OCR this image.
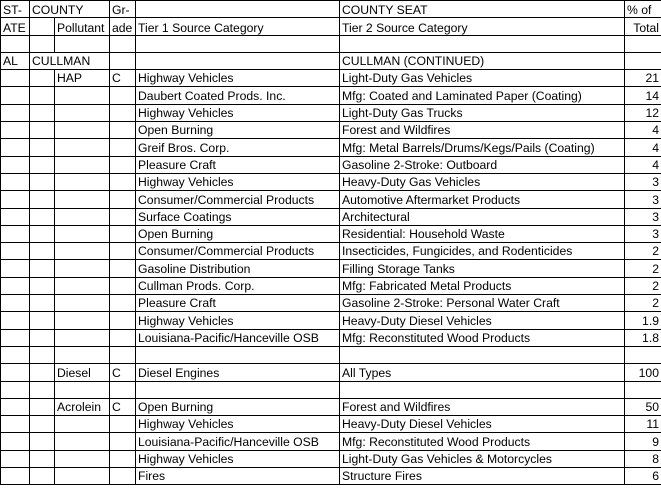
ST-	COUNTY		Gr-		COUNTY SEAT	% of
ATE		Pollutant	ade	Tier 1 Source Category	Tier 2 Source Category	Total

AL	CULLMAN				CULLMAN (CONTINUED)	
		HAP	C	Highway Vehicles	Light-Duty Gas Vehicles	21
				Daubert Coated Prods. Inc.	Mfg: Coated and Laminated Paper (Coating)	14
				Highway Vehicles	Light-Duty Gas Trucks	12
				Open Burning	Forest and Wildfires	4
				Greif Bros. Corp.	Mfg: Metal Barrels/Drums/Kegs/Pails (Coating)	4
				Pleasure Craft	Gasoline 2-Stroke: Outboard	4
				Highway Vehicles	Heavy-Duty Gas Vehicles	3
				Consumer/Commercial Products	Automotive Aftermarket Products	3
				Surface Coatings	Architectural	3
				Open Burning	Residential: Household Waste	3
				Consumer/Commercial Products	Insecticides, Fungicides, and Rodenticides	2
				Gasoline Distribution	Filling Storage Tanks	2
				Cullman Prods. Corp.	Mfg: Fabricated Metal Products	2
				Pleasure Craft	Gasoline 2-Stroke: Personal Water Craft	2
				Highway Vehicles	Heavy-Duty Diesel Vehicles	1.9
				Louisiana-Pacific/Hanceville OSB	Mfg: Reconstituted Wood Products	1.8

		Diesel	C	Diesel Engines	All Types	100

		Acrolein	C	Open Burning	Forest and Wildfires	50
				Highway Vehicles	Heavy-Duty Diesel Vehicles	11
				Louisiana-Pacific/Hanceville OSB	Mfg: Reconstituted Wood Products	9
				Highway Vehicles	Light-Duty Gas Vehicles & Motorcycles	8
				Fires	Structure Fires	6
